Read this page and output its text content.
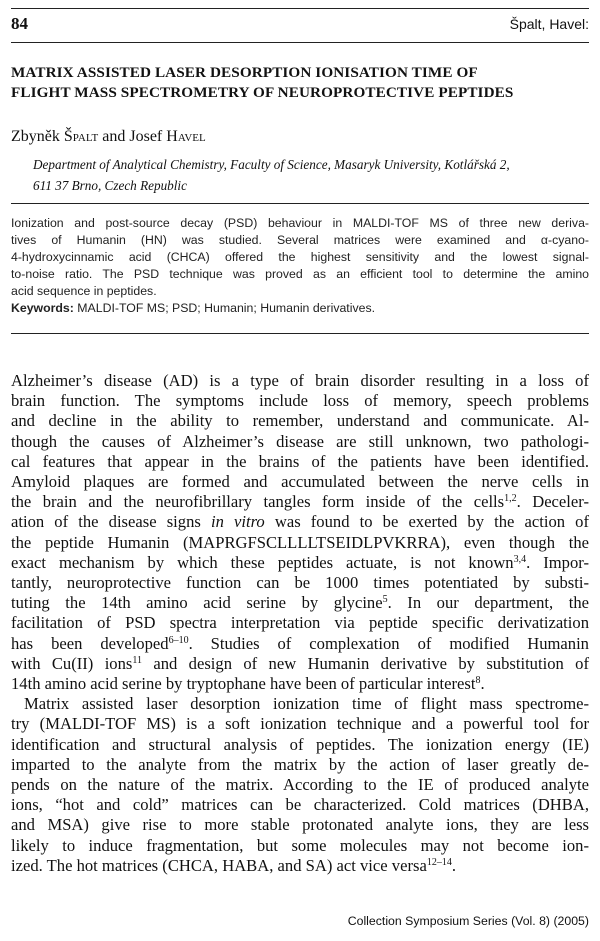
84	Špalt, Havel:
MATRIX ASSISTED LASER DESORPTION IONISATION TIME OF
FLIGHT MASS SPECTROMETRY OF NEUROPROTECTIVE PEPTIDES
Zbyněk Špalt and Josef Havel
Department of Analytical Chemistry, Faculty of Science, Masaryk University, Kotlářská 2,
611 37 Brno, Czech Republic
Ionization and post-source decay (PSD) behaviour in MALDI-TOF MS of three new deriva-
tives of Humanin (HN) was studied. Several matrices were examined and α-cyano-
4-hydroxycinnamic acid (CHCA) offered the highest sensitivity and the lowest signal-
to-noise ratio. The PSD technique was proved as an efficient tool to determine the amino
acid sequence in peptides.
Keywords: MALDI-TOF MS; PSD; Humanin; Humanin derivatives.
Alzheimer’s disease (AD) is a type of brain disorder resulting in a loss of
brain function. The symptoms include loss of memory, speech problems
and decline in the ability to remember, understand and communicate. Al-
though the causes of Alzheimer’s disease are still unknown, two pathologi-
cal features that appear in the brains of the patients have been identified.
Amyloid plaques are formed and accumulated between the nerve cells in
the brain and the neurofibrillary tangles form inside of the cells$^{1,2}$. Deceler-
ation of the disease signs in vitro was found to be exerted by the action of
the peptide Humanin (MAPRGFSCLLLLTSEIDLPVKRRA), even though the
exact mechanism by which these peptides actuate, is not known$^{3,4}$. Impor-
tantly, neuroprotective function can be 1000 times potentiated by substi-
tuting the 14th amino acid serine by glycine$^5$. In our department, the
facilitation of PSD spectra interpretation via peptide specific derivatization
has been developed$^{6-10}$. Studies of complexation of modified Humanin
with Cu(II) ions$^{11}$ and design of new Humanin derivative by substitution of
14th amino acid serine by tryptophane have been of particular interest$^8$.
Matrix assisted laser desorption ionization time of flight mass spectrome-
try (MALDI-TOF MS) is a soft ionization technique and a powerful tool for
identification and structural analysis of peptides. The ionization energy (IE)
imparted to the analyte from the matrix by the action of laser greatly de-
pends on the nature of the matrix. According to the IE of produced analyte
ions, “hot and cold” matrices can be characterized. Cold matrices (DHBA,
and MSA) give rise to more stable protonated analyte ions, they are less
likely to induce fragmentation, but some molecules may not become ion-
ized. The hot matrices (CHCA, HABA, and SA) act vice versa$^{12-14}$.
Collection Symposium Series (Vol. 8) (2005)
